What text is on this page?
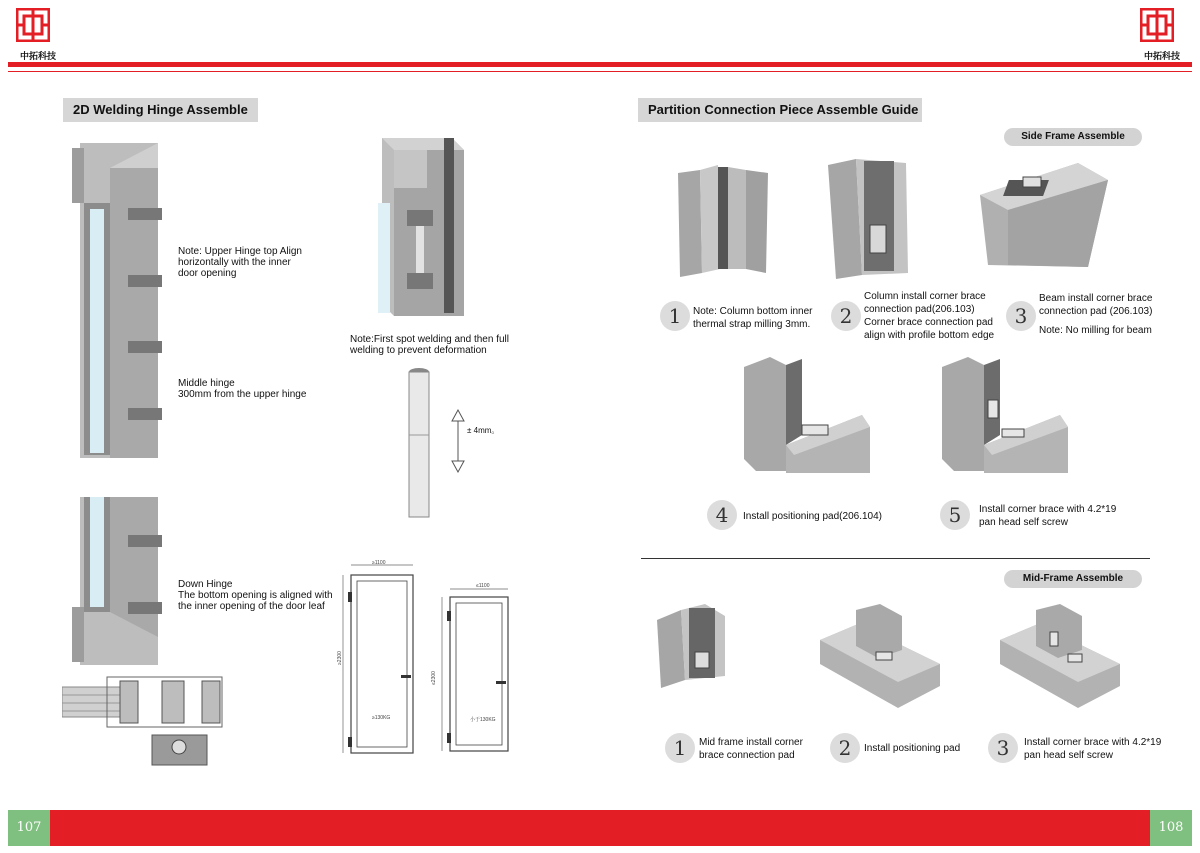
中拓科技	中拓科技
2D Welding Hinge Assemble
Note: Upper Hinge top Align
horizontally with the inner
door opening
Middle hinge
300mm from the upper hinge
Note:First spot welding and then full
welding to prevent deformation
± 4mm。
Down Hinge
The bottom opening is aligned with
the inner opening of the door leaf
≥1100
≥2300
≥130KG
≤1100
≤2300
小于130KG
Partition Connection Piece Assemble Guide
Side Frame Assemble
1	Note: Column bottom inner
thermal strap milling 3mm.	2
Column install corner brace
connection pad(206.103)
Corner brace connection pad
align with profile bottom edge
3
Beam install corner brace
connection pad (206.103)
Note: No milling for beam
4	Install positioning pad(206.104)	5	Install corner brace with 4.2*19
pan head self screw
Mid-Frame Assemble
1	Mid frame install corner
brace connection pad	2	Install positioning pad	3	Install corner brace with 4.2*19
pan head self screw
107	108
